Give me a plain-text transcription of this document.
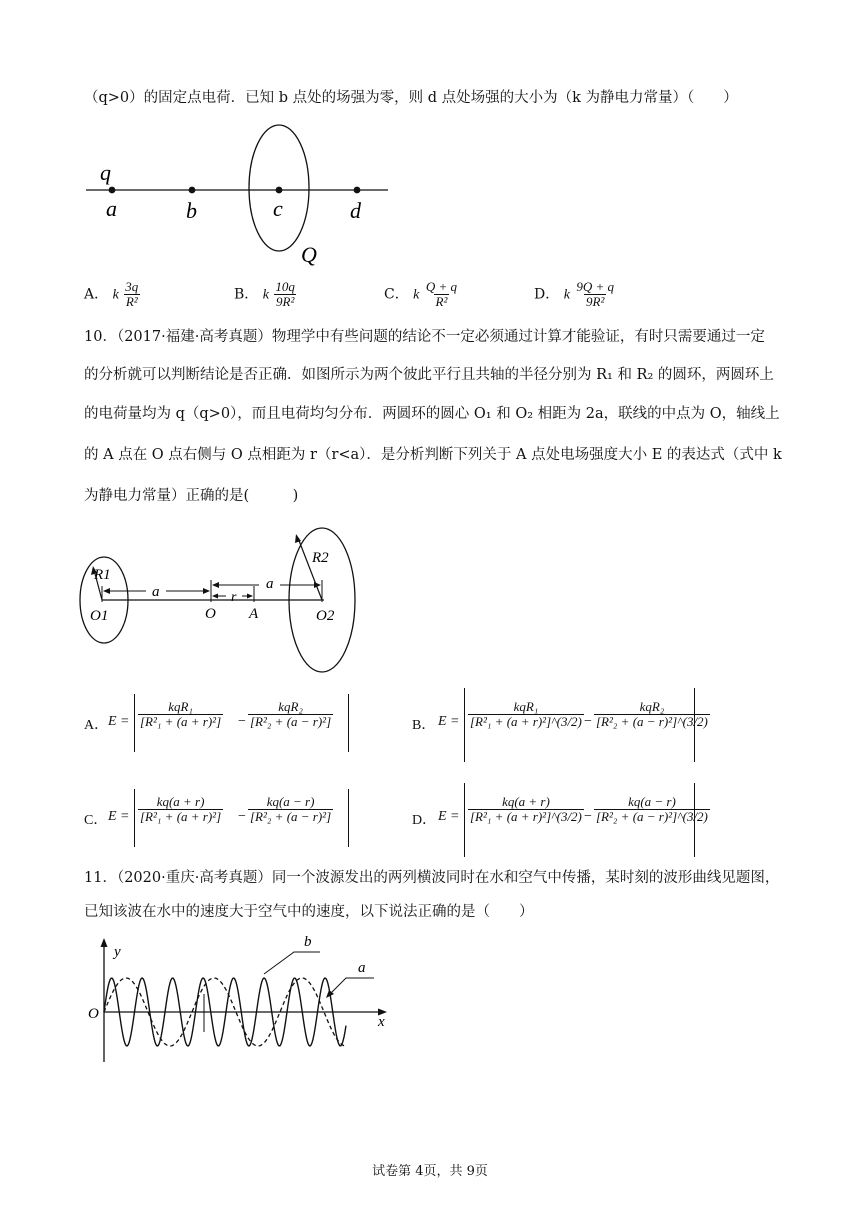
（q>0）的固定点电荷．已知 b 点处的场强为零，则 d 点处场强的大小为（k 为静电力常量）（　　）
q
a	b	c	d
Q
A． k $\frac{3q}{\text{R²}}$	B． k $\frac{10q}{\text{9R²}}$	C． k $\frac{Q + q}{\text{R²}}$	D． k $\frac{9Q + q}{\text{9R²}}$
10．（2017·福建·高考真题）物理学中有些问题的结论不一定必须通过计算才能验证，有时只需要通过一定
的分析就可以判断结论是否正确．如图所示为两个彼此平行且共轴的半径分别为 R₁ 和 R₂ 的圆环，两圆环上
的电荷量均为 q（q>0），而且电荷均匀分布．两圆环的圆心 O₁ 和 O₂ 相距为 2a，联线的中点为 O，轴线上
的 A 点在 O 点右侧与 O 点相距为 r（r<a）．是分析判断下列关于 A 点处电场强度大小 E 的表达式（式中 k
为静电力常量）正确的是(　　　)
R1
O1
a
O
r
A
a
R2
O2
A． $E = \frac{\text{kqR₁}}{\text{[R²₁ + (a + r)²]}} - \frac{\text{kqR₂}}{\text{[R²₂ + (a − r)²]}}$	B． $E = \frac{\text{kqR₁}}{\text{[R²₁ + (a + r)²]\textasciicircum{}(3/2)}} - \frac{\text{kqR₂}}{\text{[R²₂ + (a − r)²]\textasciicircum{}(3/2)}}$
C． $E = \frac{kq(a + r)}{\text{[R²₁ + (a + r)²]}} - \frac{kq(a - r)}{\text{[R²₂ + (a − r)²]}}$	D． $E = \frac{kq(a + r)}{\text{[R²₁ + (a + r)²]\textasciicircum{}(3/2)}} - \frac{kq(a - r)}{\text{[R²₂ + (a − r)²]\textasciicircum{}(3/2)}}$
11．（2020·重庆·高考真题）同一个波源发出的两列横波同时在水和空气中传播，某时刻的波形曲线见题图，
已知该波在水中的速度大于空气中的速度，以下说法正确的是（　　）
y
O	x
a
b
试卷第 4页，共 9页
